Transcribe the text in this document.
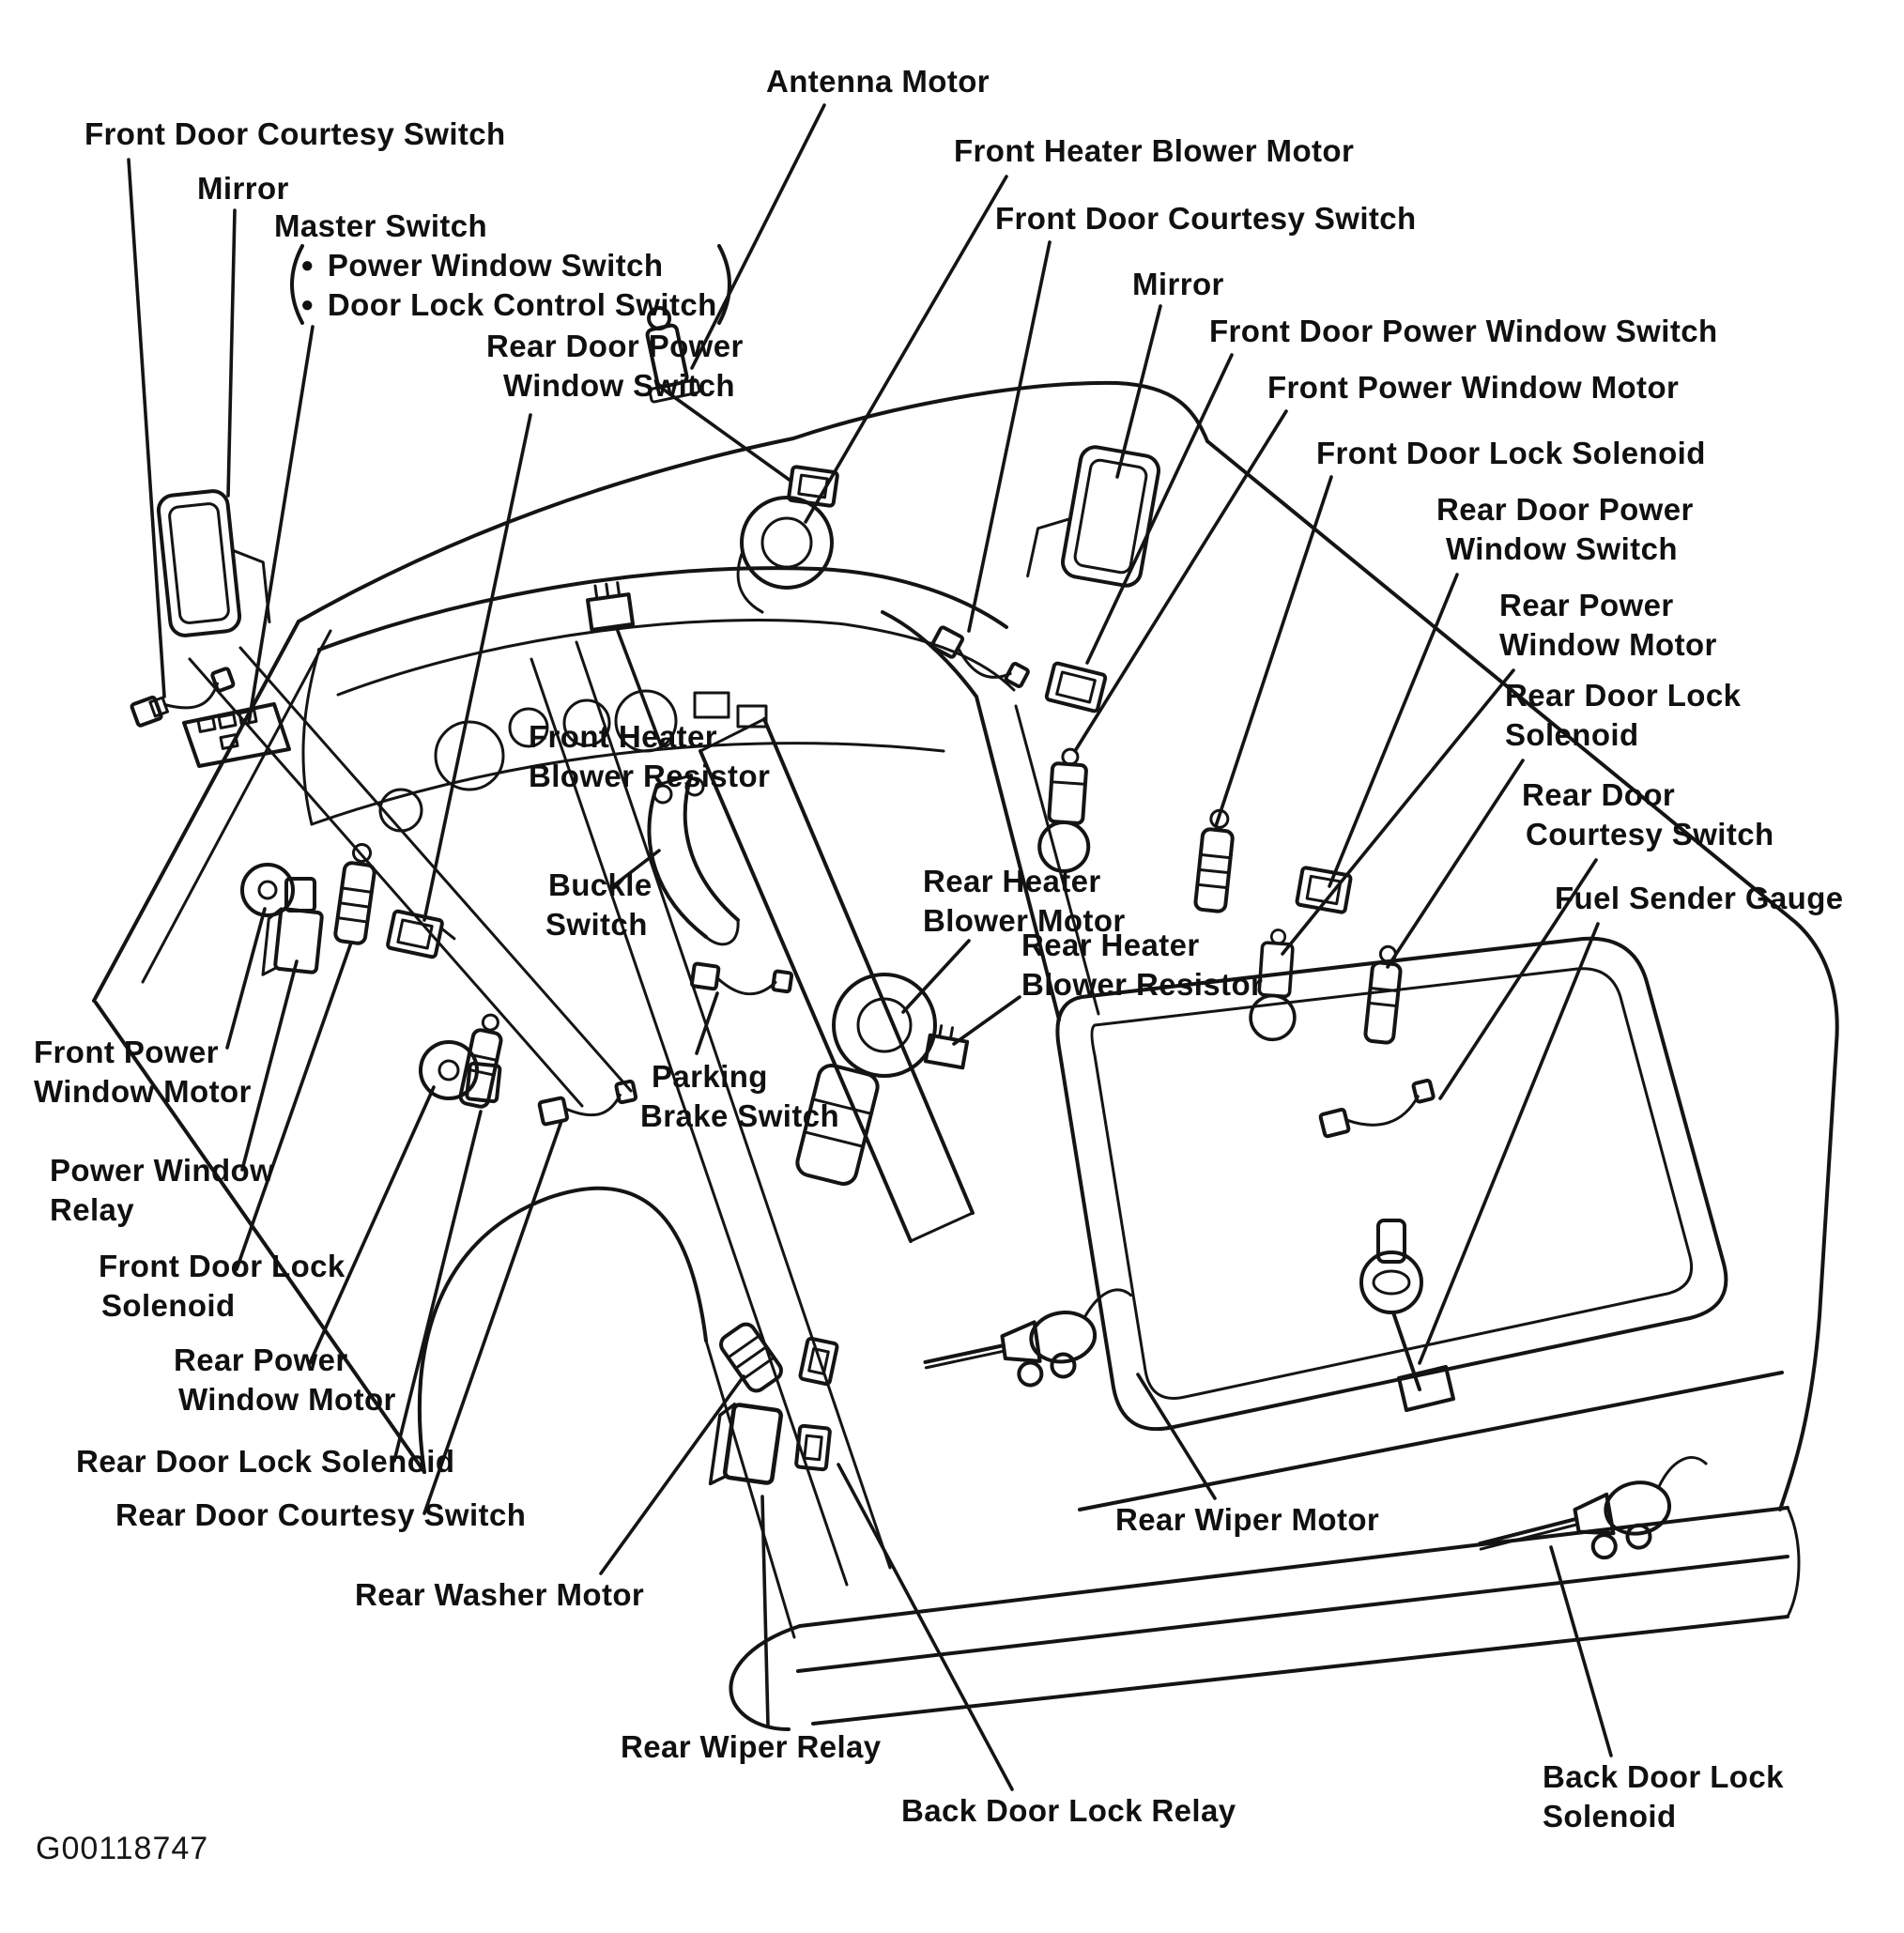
Front Door Courtesy Switch
Mirror
Master Switch
● Power Window Switch
● Door Lock Control Switch
Rear Door Power
Window Switch
Antenna Motor
Front Heater Blower Motor
Front Door Courtesy Switch
Mirror
Front Door Power Window Switch
Front Power Window Motor
Front Door Lock Solenoid
Rear Door Power
Window Switch
Rear Power
Window Motor
Rear Door Lock
Solenoid
Rear Door
Courtesy Switch
Fuel Sender Gauge
Front Heater
Blower Resistor
Buckle
Switch
Rear Heater
Blower Motor
Rear Heater
Blower Resistor
Parking
Brake Switch
Front Power
Window Motor
Power Window
Relay
Front Door Lock
Solenoid
Rear Power
Window Motor
Rear Door Lock Solenoid
Rear Door Courtesy Switch
Rear Washer Motor
Rear Wiper Relay
Back Door Lock Relay
Rear Wiper Motor
Back Door Lock
Solenoid
G00118747
